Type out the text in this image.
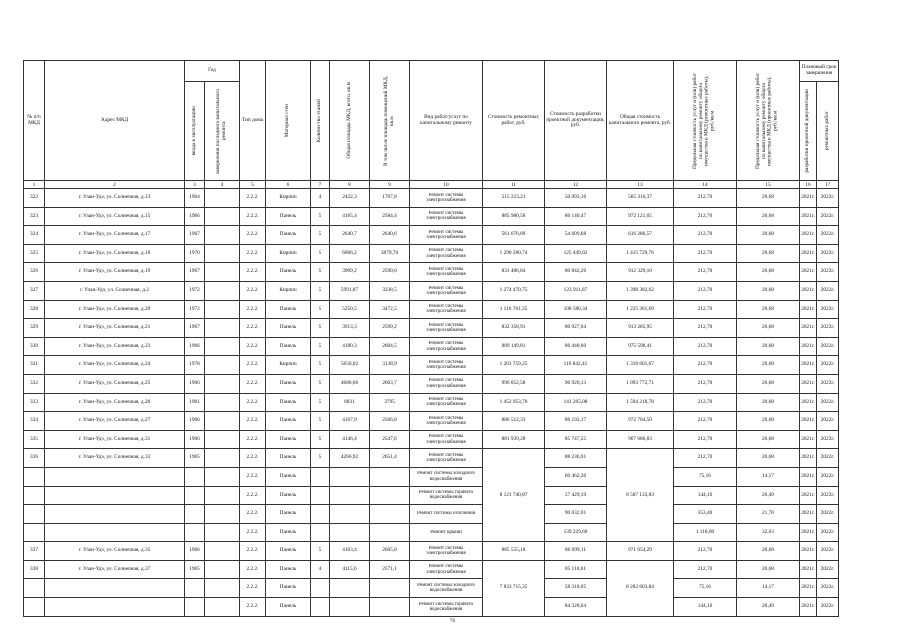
№ п/п МКД	Адрес МКД	Год		Тип дома	Материал стен	Количество этажей	Общая площадь МКД, всего, кв.м	В том числе площадь помещений МКД, кв.м	Вид работ/услуг по капитальному ремонту	Стоимость ремонтных работ, руб.	Стоимость разработки проектной документации, руб.	Общая стоимость капитального ремонта, руб.	Предельная стоимость услуг и (или) работ по капитальному ремонту общего имущества в МКД (ремонтные работы), руб./кв.м	Предельная стоимость услуг и (или) работ по капитальному ремонту общего имущества в МКД (проектные работы), руб./кв.м	Плановый срок завершения	

		ввода в эксплуатацию	завершения последнего капитального ремонта												разработки проектной документации	ремонтных работ

1	2	3	4	5	6	7	8	9	10	11	12	13	14	15	16	17
322	г. Улан-Удэ, ул. Солнечная, д.13	1964		2.2.2.	Кирпич	4	2422,3	1707,8	Ремонт системы электроснабжения	515 223,21	50 093,16	565 316,37	212,70	20,68	2021г.	2022г.
323	г. Улан-Удэ, ул. Солнечная, д.15	1966		2.2.2.	Панель	5	4165,4	2584,4	Ремонт системы электроснабжения	885 980,58	86 140,47	972 121,05	212,70	20,68	2021г.	2022г.
324	г. Улан-Удэ, ул. Солнечная, д.17	1967		2.2.2.	Панель	5	2640,7	2640,6	Ремонт системы электроснабжения	561 676,89	54 609,68	616 286,57	212,70	20,68	2021г.	2022г.
325	г. Улан-Удэ, ул. Солнечная, д.18	1970		2.2.2.	Кирпич	5	6066,2	3879,70	Ремонт системы электроснабжения	1 290 280,74	125 449,02	1 415 729,76	212,70	20,68	2021г.	2022г.
326	г. Улан-Удэ, ул. Солнечная, д.19	1967		2.2.2.	Панель	5	3909,2	2590,6	Ремонт системы электроснабжения	831 486,84	80 842,26	912 329,10	212,70	20,68	2021г.	2022г.
327	г. Улан-Удэ, ул. Солнечная, д.2	1972		2.2.2.	Кирпич	5	5991,87	3238,5	Ремонт системы электроснабжения	1 274 470,75	123 911,87	1 398 382,62	212,70	20,68	2021г.	2022г.
328	г. Улан-Удэ, ул. Солнечная, д.20	1972		2.2.2.	Панель	5	5250,5	3472,5	Ремонт системы электроснабжения	1 116 781,35	108 580,34	1 225 361,69	212,70	20,68	2021г.	2022г.
329	г. Улан-Удэ, ул. Солнечная, д.21	1967		2.2.2.	Панель	5	3913,3	2599,2	Ремонт системы электроснабжения	832 358,91	80 927,04	913 285,95	212,70	20,68	2021г.	2022г.
330	г. Улан-Удэ, ул. Солнечная, д.23	1966		2.2.2.	Панель	5	4180,3	2604,5	Ремонт системы электроснабжения	889 149,81	86 448,60	975 598,41	212,70	20,68	2021г.	2022г.
331	г. Улан-Удэ, ул. Солнечная, д.24	1978		2.2.2.	Кирпич	5	5650,02	3138,9	Ремонт системы электроснабжения	1 201 759,25	116 842,41	1 318 601,67	212,70	20,68	2021г.	2022г.
332	г. Улан-Удэ, ул. Солнечная, д.25	1966		2.2.2.	Панель	5	4686,66	2603,7	Ремонт системы электроснабжения	996 852,58	96 920,13	1 093 772,71	212,70	20,68	2021г.	2022г.
333	г. Улан-Удэ, ул. Солнечная, д.26	1981		2.2.2.	Панель	5	6831	3795	Ремонт системы электроснабжения	1 452 953,70	141 265,08	1 594 218,78	212,70	20,68	2021г.	2022г.
334	г. Улан-Удэ, ул. Солнечная, д.27	1966		2.2.2.	Панель	5	4167,9	2566,8	Ремонт системы электроснабжения	886 512,33	86 192,17	972 704,50	212,70	20,68	2021г.	2022г.
335	г. Улан-Удэ, ул. Солнечная, д.31	1966		2.2.2.	Панель	5	4146,4	2547,6	Ремонт системы электроснабжения	881 939,28	85 747,55	967 686,83	212,70	20,68	2021г.	2022г.
336	г. Улан-Удэ, ул. Солнечная, д.33	1965		2.2.2.	Панель	5	4266,92	2651,4	Ремонт системы электроснабжения	8 121 740,87	88 236,91	8 587 133,83	212,70	20,68	2021г.	2022г.
				2.2.2.	Панель				Ремонт системы холодного водоснабжения		60 462,26		75,16	14,17	2021г.	2022г.
				2.2.2.	Панель				Ремонт системы горячего водоснабжения		57 429,19		144,16	20,49	2021г.	2022г.
				2.2.2.	Панель				Ремонт системы отопления		90 032,01		353,40	21,70	2021г.	2022г.
				2.2.2.	Панель				Ремонт крыши		139 229,60		1 118,00	32,63	2021г.	2022г.
337	г. Улан-Удэ, ул. Солнечная, д.35	1966		2.2.2.	Панель	5	4103,4	2605,8	Ремонт системы электроснабжения	885 555,18	86 099,11	971 654,29	212,70	20,68	2021г.	2022г.
338	г. Улан-Удэ, ул. Солнечная, д.37	1965		2.2.2.	Панель	4	4115,6	2571,1	Ремонт системы электроснабжения	7 833 715,35	85 110,61	8 282 603,84	212,70	20,68	2021г.	2022г.
				2.2.2.	Панель				Ремонт системы холодного водоснабжения		58 318,05		75,16	14,17	2021г.	2022г.
				2.2.2.	Панель				Ремонт системы горячего водоснабжения		84 328,64		144,16	20,49	2021г.	2022г.
76
